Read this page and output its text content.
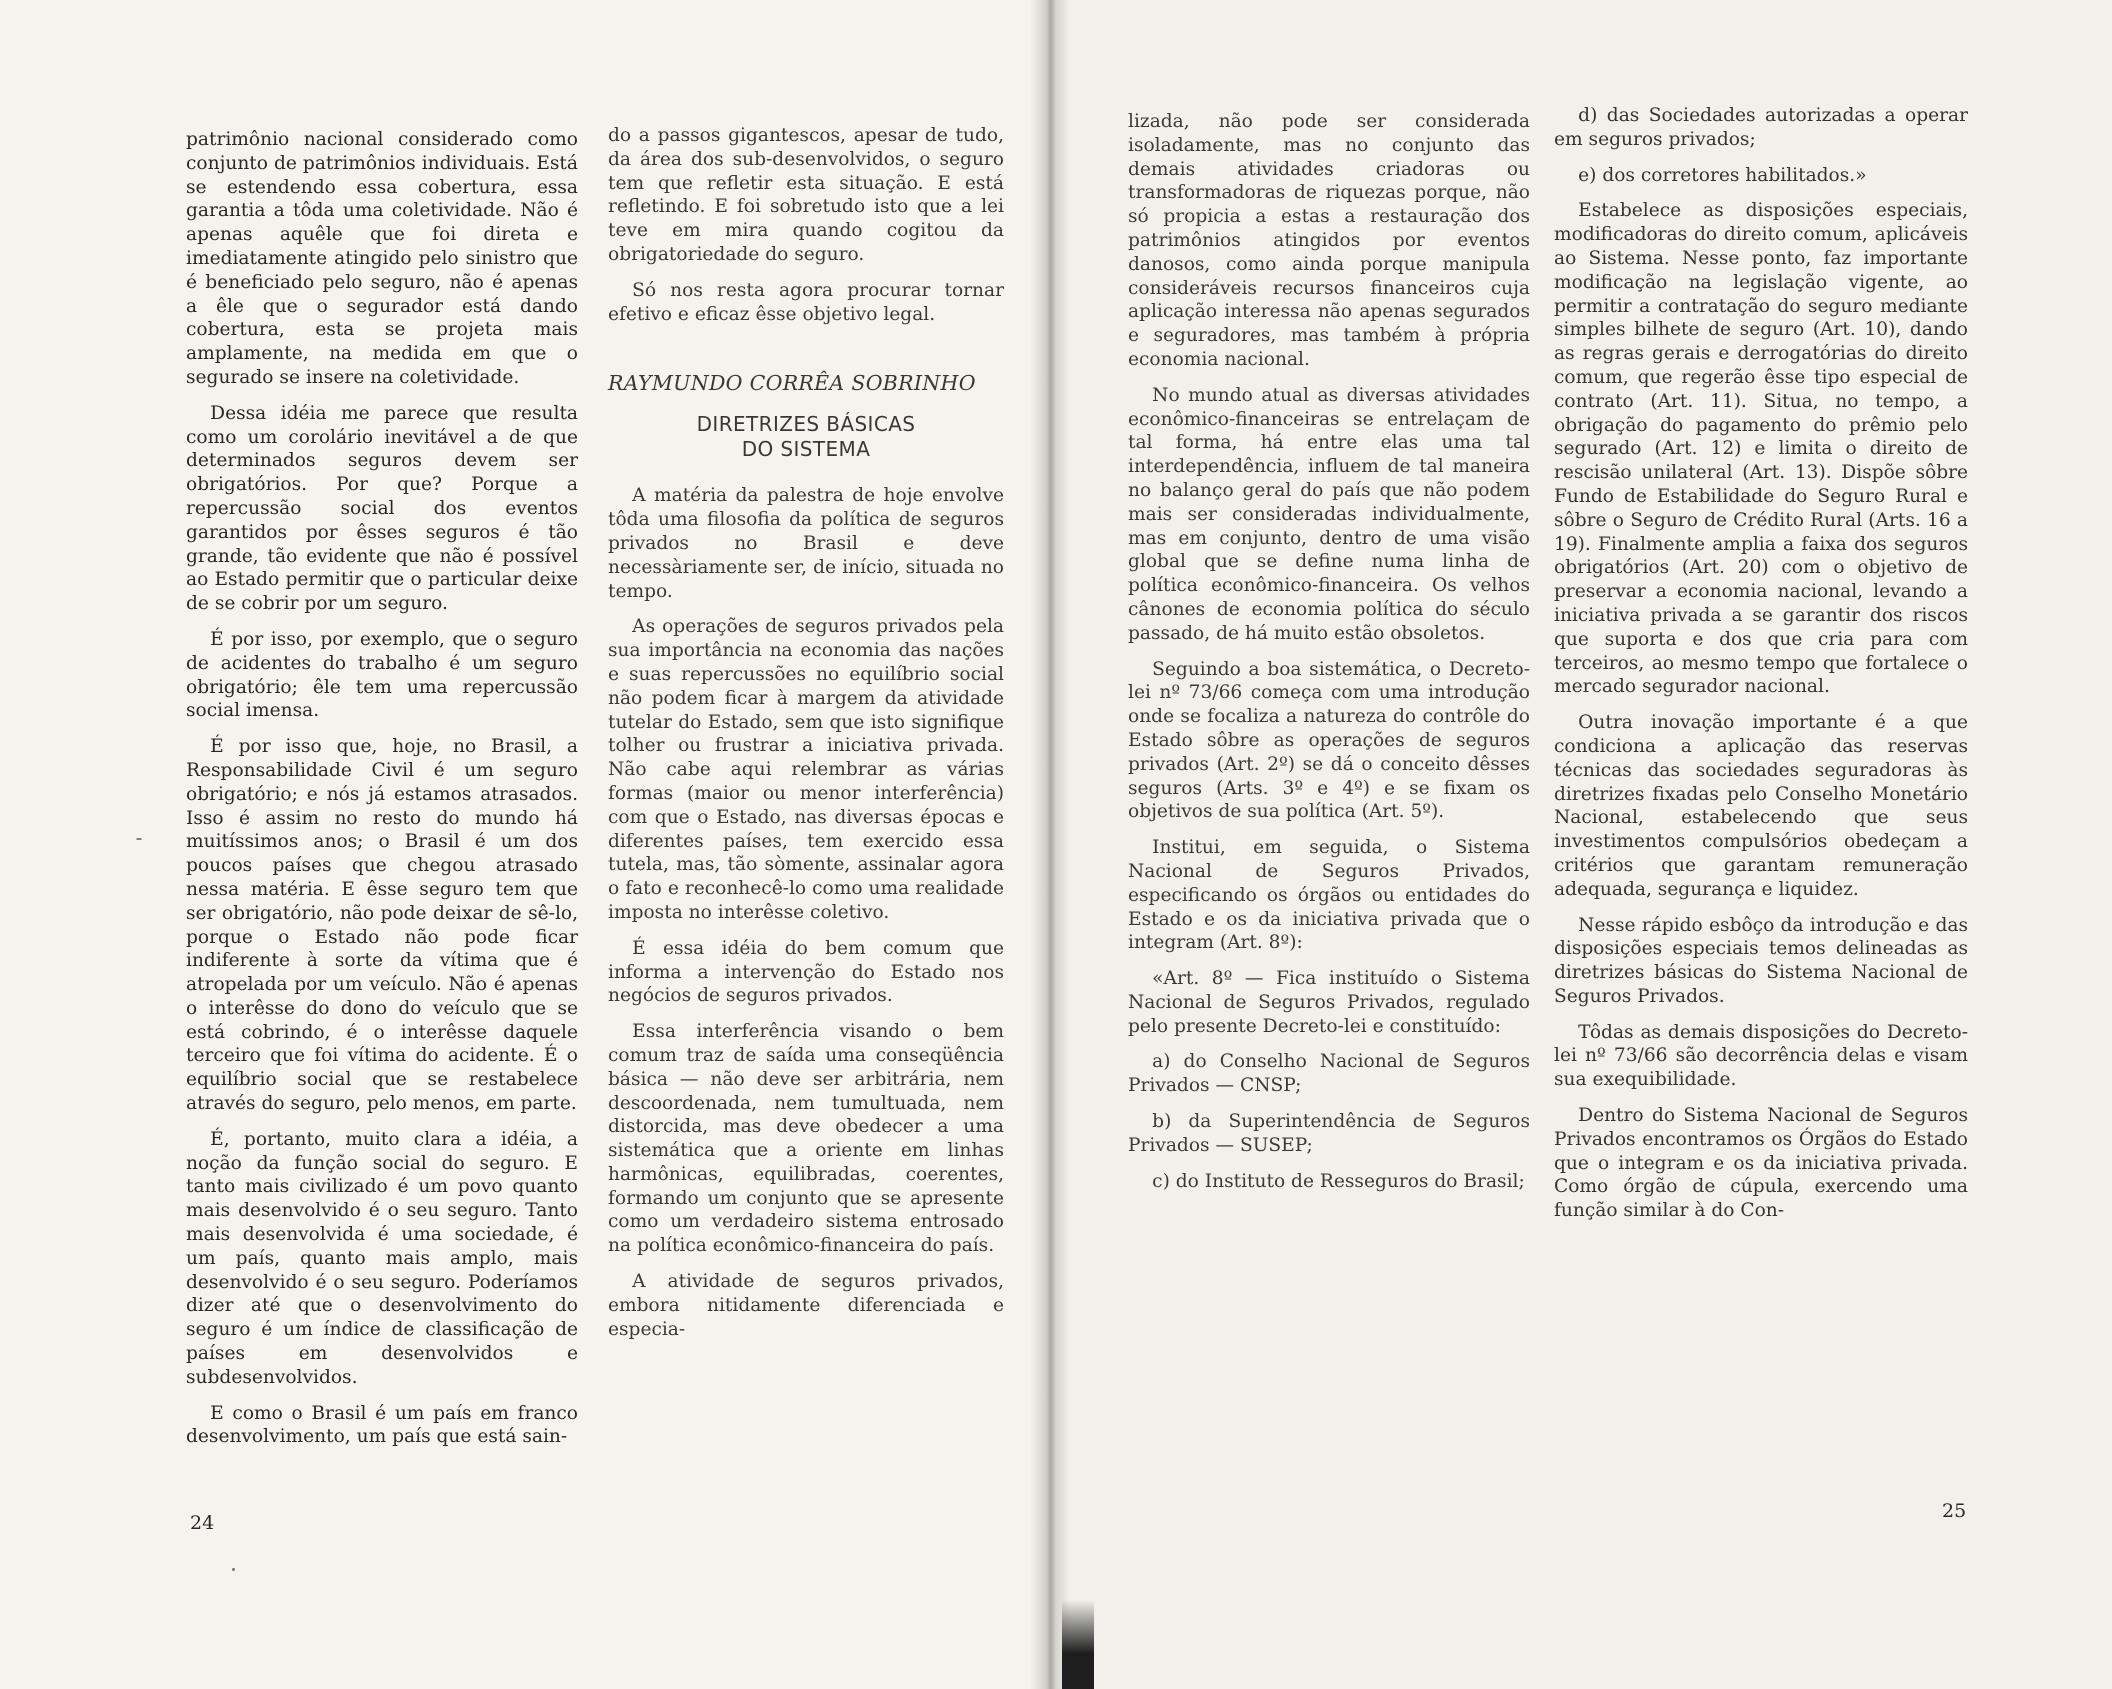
patrimônio nacional considerado como conjunto de patrimônios individuais. Está se estendendo essa cobertura, essa garantia a tôda uma coletividade. Não é apenas aquêle que foi direta e imediatamente atingido pelo sinistro que é beneficiado pelo seguro, não é apenas a êle que o segurador está dando cobertura, esta se projeta mais amplamente, na medida em que o segurado se insere na coletividade.

Dessa idéia me parece que resulta como um corolário inevitável a de que determinados seguros devem ser obrigatórios. Por que? Porque a repercussão social dos eventos garantidos por êsses seguros é tão grande, tão evidente que não é possível ao Estado permitir que o particular deixe de se cobrir por um seguro.

É por isso, por exemplo, que o seguro de acidentes do trabalho é um seguro obrigatório; êle tem uma repercussão social imensa.

É por isso que, hoje, no Brasil, a Responsabilidade Civil é um seguro obrigatório; e nós já estamos atrasados. Isso é assim no resto do mundo há muitíssimos anos; o Brasil é um dos poucos países que chegou atrasado nessa matéria. E êsse seguro tem que ser obrigatório, não pode deixar de sê-lo, porque o Estado não pode ficar indiferente à sorte da vítima que é atropelada por um veículo. Não é apenas o interêsse do dono do veículo que se está cobrindo, é o interêsse daquele terceiro que foi vítima do acidente. É o equilíbrio social que se restabelece através do seguro, pelo menos, em parte.

É, portanto, muito clara a idéia, a noção da função social do seguro. E tanto mais civilizado é um povo quanto mais desenvolvido é o seu seguro. Tanto mais desenvolvida é uma sociedade, é um país, quanto mais amplo, mais desenvolvido é o seu seguro. Poderíamos dizer até que o desenvolvimento do seguro é um índice de classificação de países em desenvolvidos e subdesenvolvidos.

E como o Brasil é um país em franco desenvolvimento, um país que está sain-

do a passos gigantescos, apesar de tudo, da área dos sub-desenvolvidos, o seguro tem que refletir esta situação. E está refletindo. E foi sobretudo isto que a lei teve em mira quando cogitou da obrigatoriedade do seguro.

Só nos resta agora procurar tornar efetivo e eficaz êsse objetivo legal.

RAYMUNDO CORRÊA SOBRINHO
DIRETRIZES BÁSICAS
DO SISTEMA

A matéria da palestra de hoje envolve tôda uma filosofia da política de seguros privados no Brasil e deve necessàriamente ser, de início, situada no tempo.

As operações de seguros privados pela sua importância na economia das nações e suas repercussões no equilíbrio social não podem ficar à margem da atividade tutelar do Estado, sem que isto signifique tolher ou frustrar a iniciativa privada. Não cabe aqui relembrar as várias formas (maior ou menor interferência) com que o Estado, nas diversas épocas e diferentes países, tem exercido essa tutela, mas, tão sòmente, assinalar agora o fato e reconhecê-lo como uma realidade imposta no interêsse coletivo.

É essa idéia do bem comum que informa a intervenção do Estado nos negócios de seguros privados.

Essa interferência visando o bem comum traz de saída uma conseqüência básica — não deve ser arbitrária, nem descoordenada, nem tumultuada, nem distorcida, mas deve obedecer a uma sistemática que a oriente em linhas harmônicas, equilibradas, coerentes, formando um conjunto que se apresente como um verdadeiro sistema entrosado na política econômico-financeira do país.

A atividade de seguros privados, embora nitidamente diferenciada e especia-

24

lizada, não pode ser considerada isoladamente, mas no conjunto das demais atividades criadoras ou transformadoras de riquezas porque, não só propicia a estas a restauração dos patrimônios atingidos por eventos danosos, como ainda porque manipula consideráveis recursos financeiros cuja aplicação interessa não apenas segurados e seguradores, mas também à própria economia nacional.

No mundo atual as diversas atividades econômico-financeiras se entrelaçam de tal forma, há entre elas uma tal interdependência, influem de tal maneira no balanço geral do país que não podem mais ser consideradas individualmente, mas em conjunto, dentro de uma visão global que se define numa linha de política econômico-financeira. Os velhos cânones de economia política do século passado, de há muito estão obsoletos.

Seguindo a boa sistemática, o Decreto-lei nº 73/66 começa com uma introdução onde se focaliza a natureza do contrôle do Estado sôbre as operações de seguros privados (Art. 2º) se dá o conceito dêsses seguros (Arts. 3º e 4º) e se fixam os objetivos de sua política (Art. 5º).

Institui, em seguida, o Sistema Nacional de Seguros Privados, especificando os órgãos ou entidades do Estado e os da iniciativa privada que o integram (Art. 8º):

«Art. 8º — Fica instituído o Sistema Nacional de Seguros Privados, regulado pelo presente Decreto-lei e constituído:

a) do Conselho Nacional de Seguros Privados — CNSP;

b) da Superintendência de Seguros Privados — SUSEP;

c) do Instituto de Resseguros do Brasil;

d) das Sociedades autorizadas a operar em seguros privados;

e) dos corretores habilitados.»

Estabelece as disposições especiais, modificadoras do direito comum, aplicáveis ao Sistema. Nesse ponto, faz importante modificação na legislação vigente, ao permitir a contratação do seguro mediante simples bilhete de seguro (Art. 10), dando as regras gerais e derrogatórias do direito comum, que regerão êsse tipo especial de contrato (Art. 11). Situa, no tempo, a obrigação do pagamento do prêmio pelo segurado (Art. 12) e limita o direito de rescisão unilateral (Art. 13). Dispõe sôbre Fundo de Estabilidade do Seguro Rural e sôbre o Seguro de Crédito Rural (Arts. 16 a 19). Finalmente amplia a faixa dos seguros obrigatórios (Art. 20) com o objetivo de preservar a economia nacional, levando a iniciativa privada a se garantir dos riscos que suporta e dos que cria para com terceiros, ao mesmo tempo que fortalece o mercado segurador nacional.

Outra inovação importante é a que condiciona a aplicação das reservas técnicas das sociedades seguradoras às diretrizes fixadas pelo Conselho Monetário Nacional, estabelecendo que seus investimentos compulsórios obedeçam a critérios que garantam remuneração adequada, segurança e liquidez.

Nesse rápido esbôço da introdução e das disposições especiais temos delineadas as diretrizes básicas do Sistema Nacional de Seguros Privados.

Tôdas as demais disposições do Decreto-lei nº 73/66 são decorrência delas e visam sua exequibilidade.

Dentro do Sistema Nacional de Seguros Privados encontramos os Órgãos do Estado que o integram e os da iniciativa privada. Como órgão de cúpula, exercendo uma função similar à do Con-

25
